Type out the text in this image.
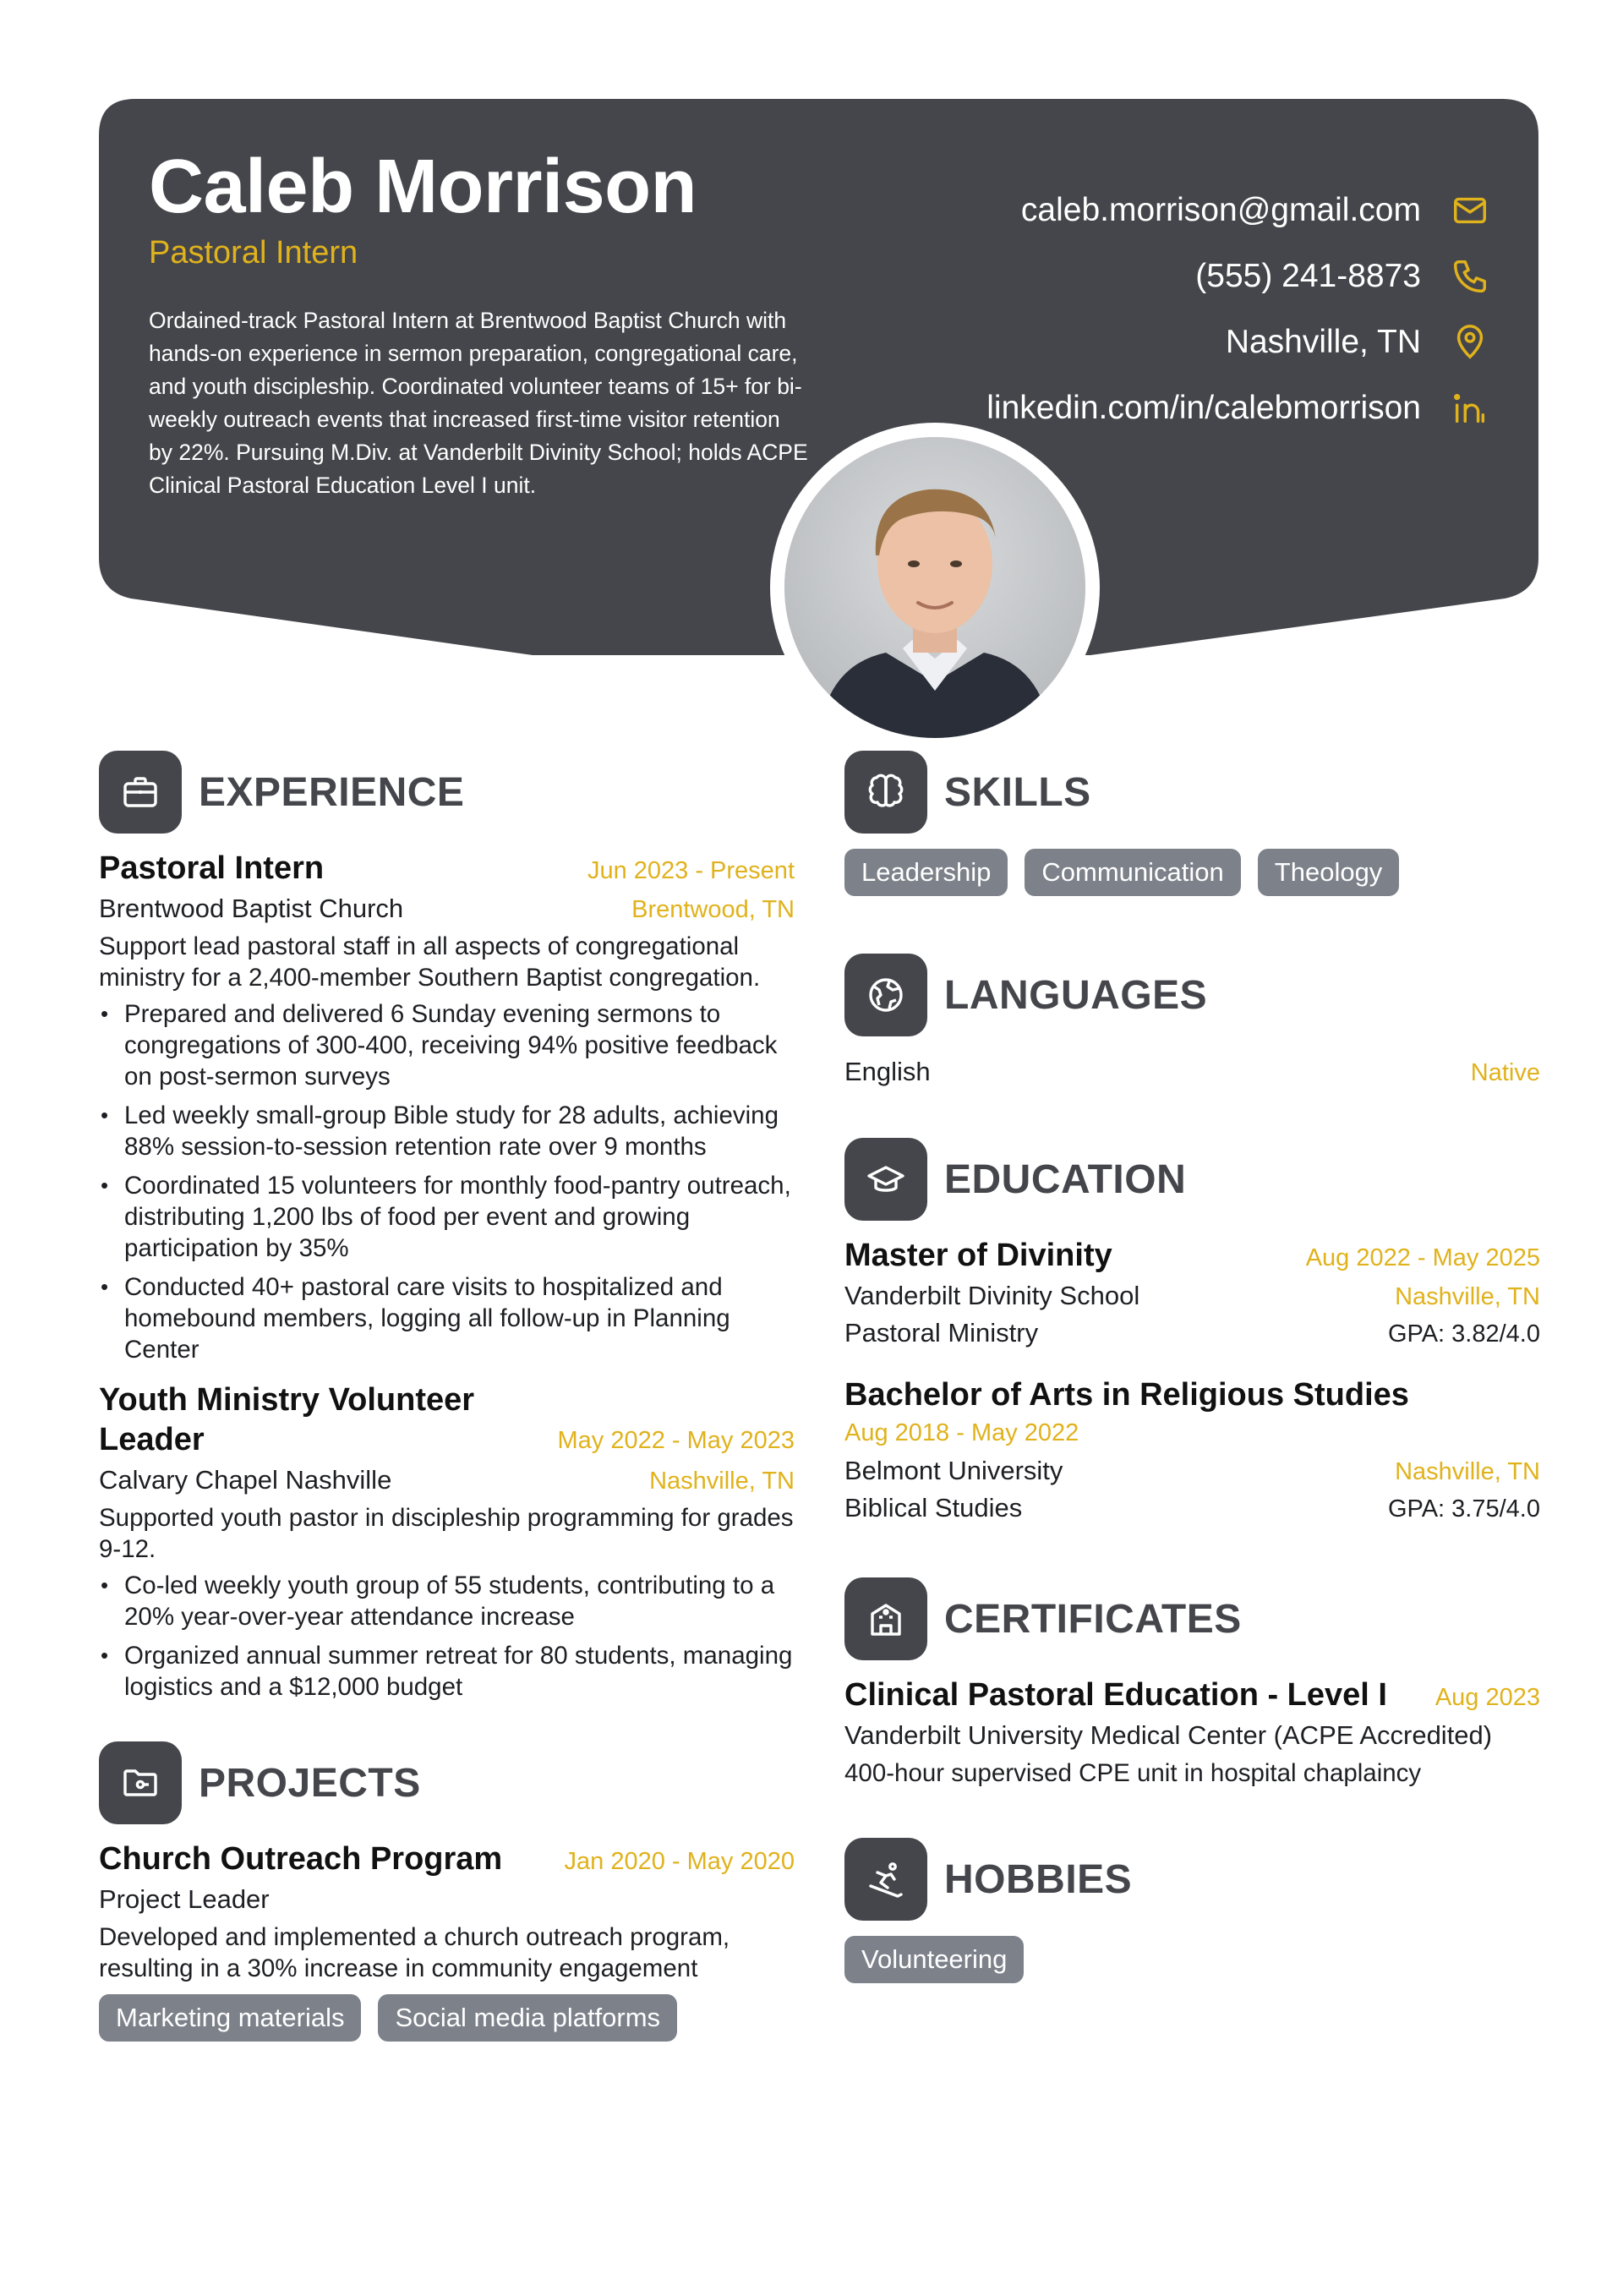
Caleb Morrison
Pastoral Intern
Ordained-track Pastoral Intern at Brentwood Baptist Church with hands-on experience in sermon preparation, congregational care, and youth discipleship. Coordinated volunteer teams of 15+ for bi-weekly outreach events that increased first-time visitor retention by 22%. Pursuing M.Div. at Vanderbilt Divinity School; holds ACPE Clinical Pastoral Education Level I unit.
caleb.morrison@gmail.com
(555) 241-8873
Nashville, TN
linkedin.com/in/calebmorrison
EXPERIENCE
Pastoral Intern	Jun 2023 - Present
Brentwood Baptist Church	Brentwood, TN
Support lead pastoral staff in all aspects of congregational ministry for a 2,400-member Southern Baptist congregation.
• Prepared and delivered 6 Sunday evening sermons to congregations of 300-400, receiving 94% positive feedback on post-sermon surveys
• Led weekly small-group Bible study for 28 adults, achieving 88% session-to-session retention rate over 9 months
• Coordinated 15 volunteers for monthly food-pantry outreach, distributing 1,200 lbs of food per event and growing participation by 35%
• Conducted 40+ pastoral care visits to hospitalized and homebound members, logging all follow-up in Planning Center
Youth Ministry Volunteer
Leader	May 2022 - May 2023
Calvary Chapel Nashville	Nashville, TN
Supported youth pastor in discipleship programming for grades 9-12.
• Co-led weekly youth group of 55 students, contributing to a 20% year-over-year attendance increase
• Organized annual summer retreat for 80 students, managing logistics and a $12,000 budget
PROJECTS
Church Outreach Program	Jan 2020 - May 2020
Project Leader
Developed and implemented a church outreach program, resulting in a 30% increase in community engagement
Marketing materials	Social media platforms
SKILLS
Leadership	Communication	Theology
LANGUAGES
English	Native
EDUCATION
Master of Divinity	Aug 2022 - May 2025
Vanderbilt Divinity School	Nashville, TN
Pastoral Ministry	GPA: 3.82/4.0
Bachelor of Arts in Religious Studies
Aug 2018 - May 2022
Belmont University	Nashville, TN
Biblical Studies	GPA: 3.75/4.0
CERTIFICATES
Clinical Pastoral Education - Level I Aug 2023
Vanderbilt University Medical Center (ACPE Accredited)
400-hour supervised CPE unit in hospital chaplaincy
HOBBIES
Volunteering
